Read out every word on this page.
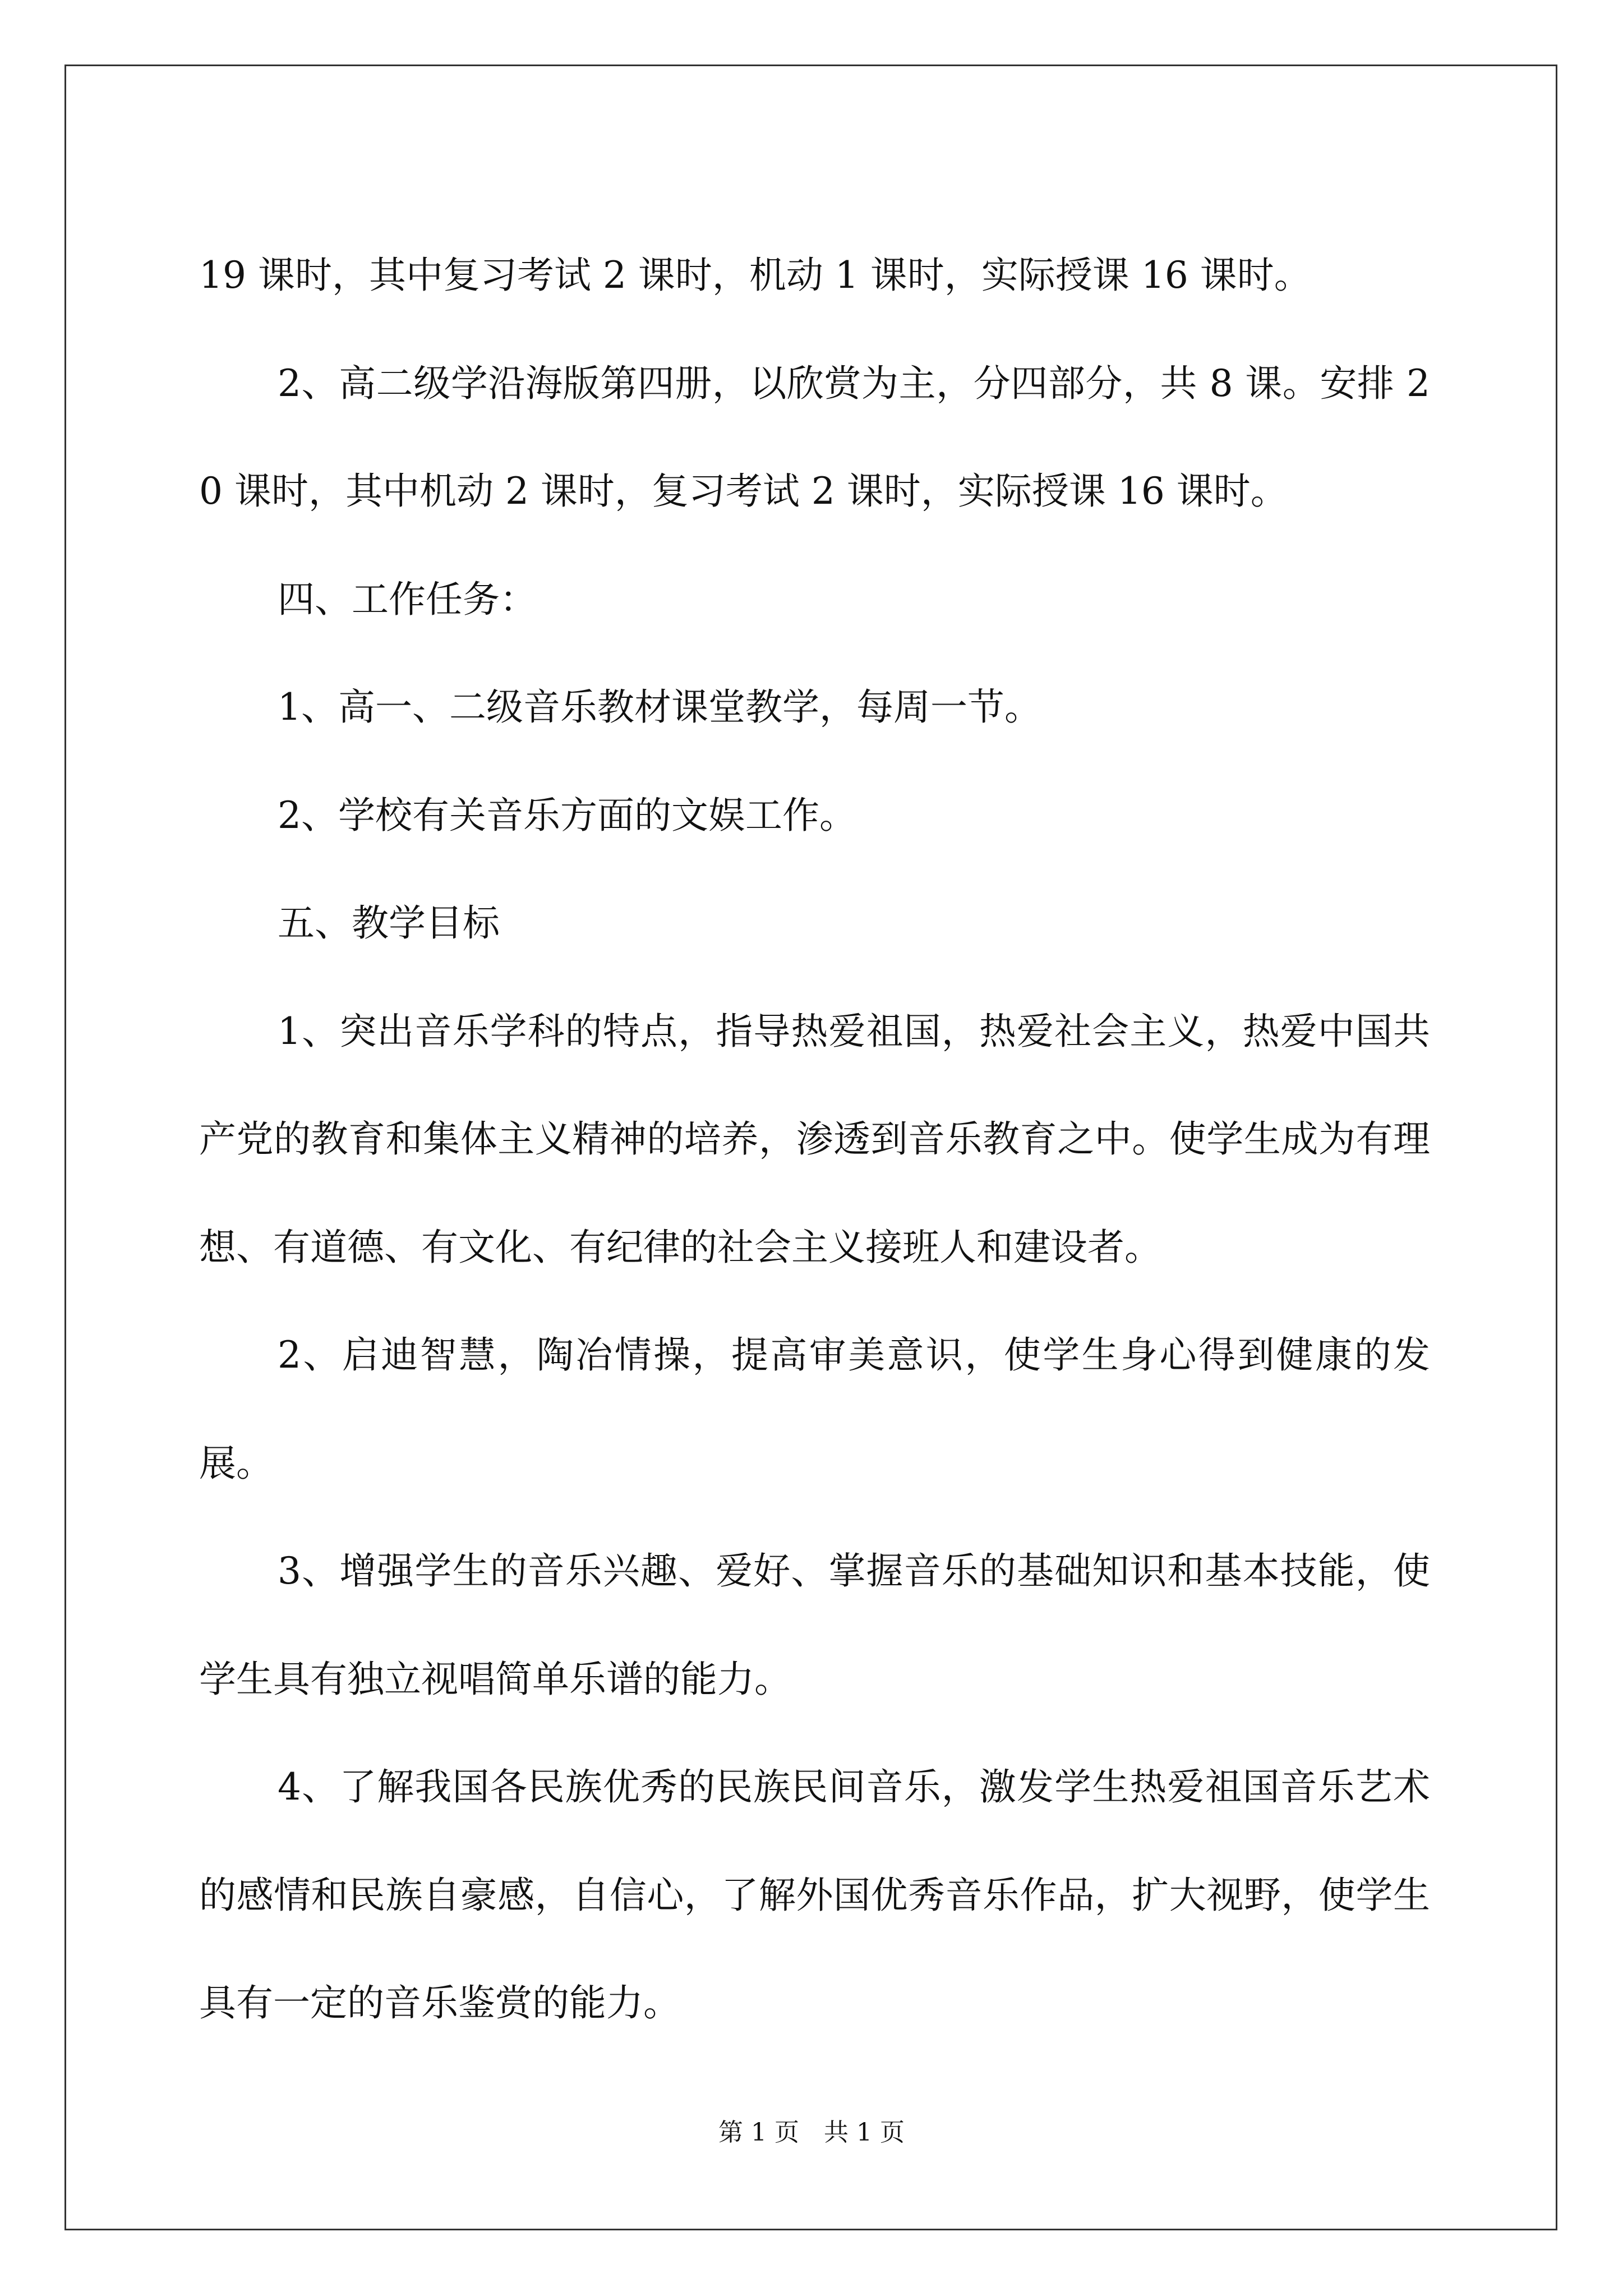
19 课时，其中复习考试 2 课时，机动 1 课时，实际授课 16 课时。

2、高二级学沿海版第四册，以欣赏为主，分四部分，共 8 课。安排 20 课时，其中机动 2 课时，复习考试 2 课时，实际授课 16 课时。

四、工作任务：

1、高一、二级音乐教材课堂教学，每周一节。

2、学校有关音乐方面的文娱工作。

五、教学目标

1、突出音乐学科的特点，指导热爱祖国，热爱社会主义，热爱中国共产党的教育和集体主义精神的培养，渗透到音乐教育之中。使学生成为有理想、有道德、有文化、有纪律的社会主义接班人和建设者。

2、启迪智慧，陶冶情操，提高审美意识，使学生身心得到健康的发展。

3、增强学生的音乐兴趣、爱好、掌握音乐的基础知识和基本技能，使学生具有独立视唱简单乐谱的能力。

4、了解我国各民族优秀的民族民间音乐，激发学生热爱祖国音乐艺术的感情和民族自豪感，自信心，了解外国优秀音乐作品，扩大视野，使学生具有一定的音乐鉴赏的能力。

第 1 页　共 1 页
